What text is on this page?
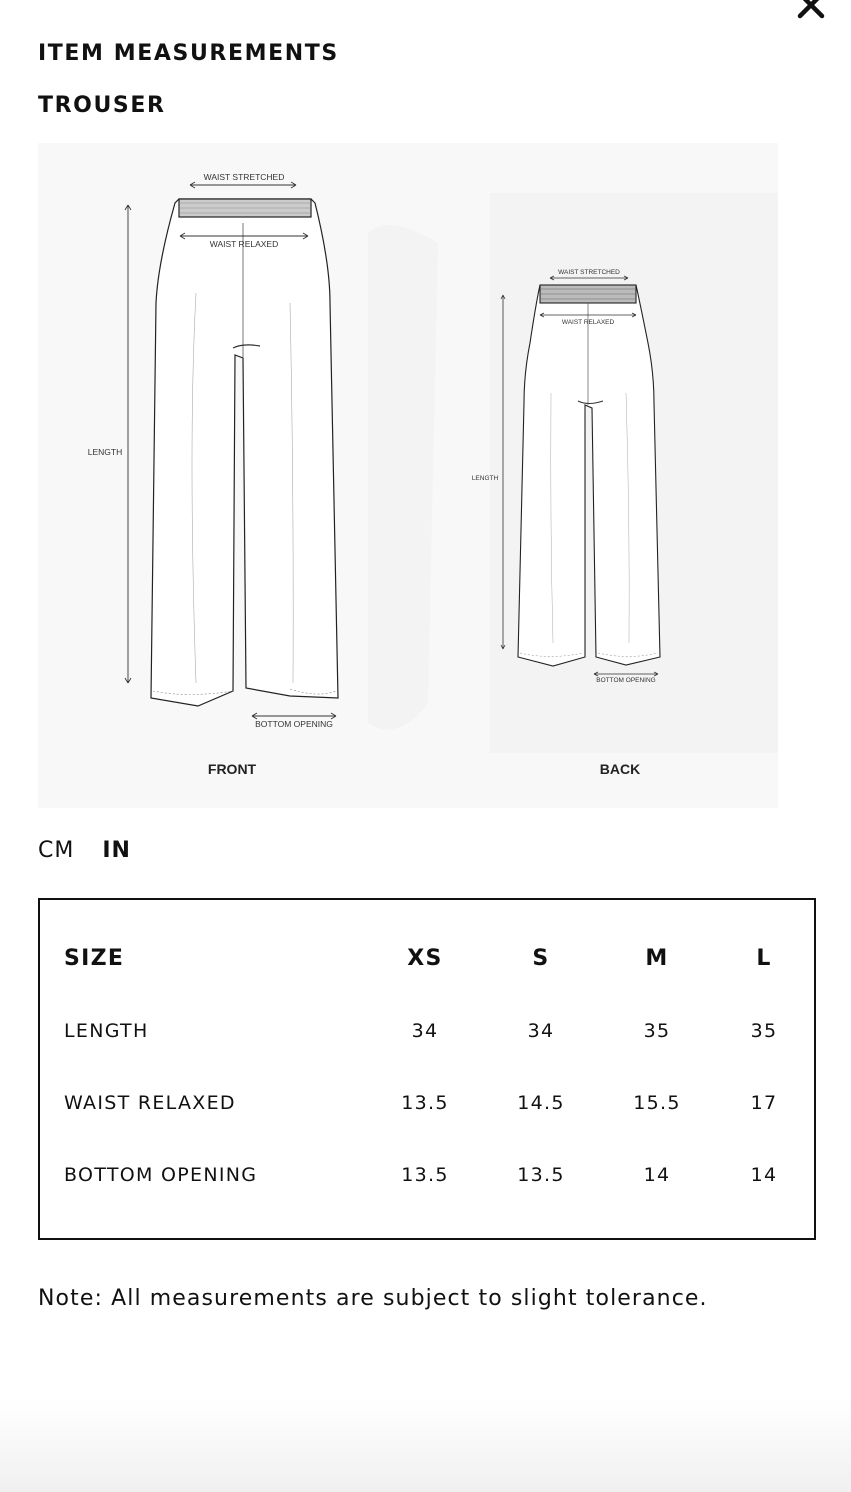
ITEM MEASUREMENTS
TROUSER
WAIST STRETCHED
WAIST RELAXED
LENGTH
BOTTOM OPENING
FRONT
WAIST STRETCHED
WAIST RELAXED
LENGTH
BOTTOM OPENING
BACK
CM IN
SIZE	XS	S	M	L
LENGTH	34	34	35	35
WAIST RELAXED	13.5	14.5	15.5	17
BOTTOM OPENING	13.5	13.5	14	14

Note: All measurements are subject to slight tolerance.
